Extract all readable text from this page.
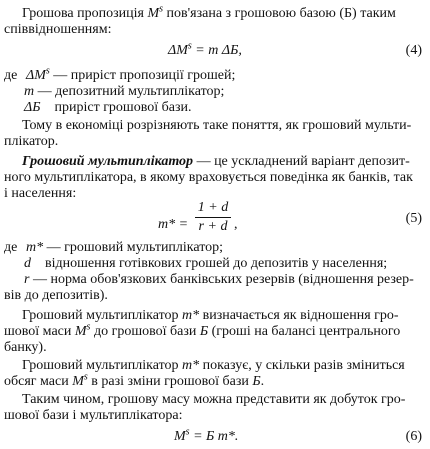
Грошова пропозиція $M^s$ пов'язана з грошовою базою (Б) таким
співвідношенням:
$\Delta M^s = m$ ΔБ,	(4)
де $\Delta M^s$ — приріст пропозиції грошей;
m — депозитний мультиплікатор;
ΔБ    приріст грошової бази.
Тому в економіці розрізняють таке поняття, як грошовий мульти-
плікатор.
Грошовий мультиплікатор — це ускладнений варіант депозит-
ного мультиплікатора, в якому враховується поведінка як банків, так
і населення:
m* =
1 + d
r + d ,	(5)
де m* — грошовий мультиплікатор;
d    відношення готівкових грошей до депозитів у населення;
r — норма обов'язкових банківських резервів (відношення резер-
вів до депозитів).
Грошовий мультиплікатор m* визначається як відношення гро-
шової маси $M^s$ до грошової бази Б (гроші на балансі центрального
банку).
Грошовий мультиплікатор m* показує, у скільки разів зміниться
обсяг маси $M^s$ в разі зміни грошової бази Б.
Таким чином, грошову масу можна представити як добуток гро-
шової бази і мультиплікатора:
$M^s = Б$ m*.	(6)
